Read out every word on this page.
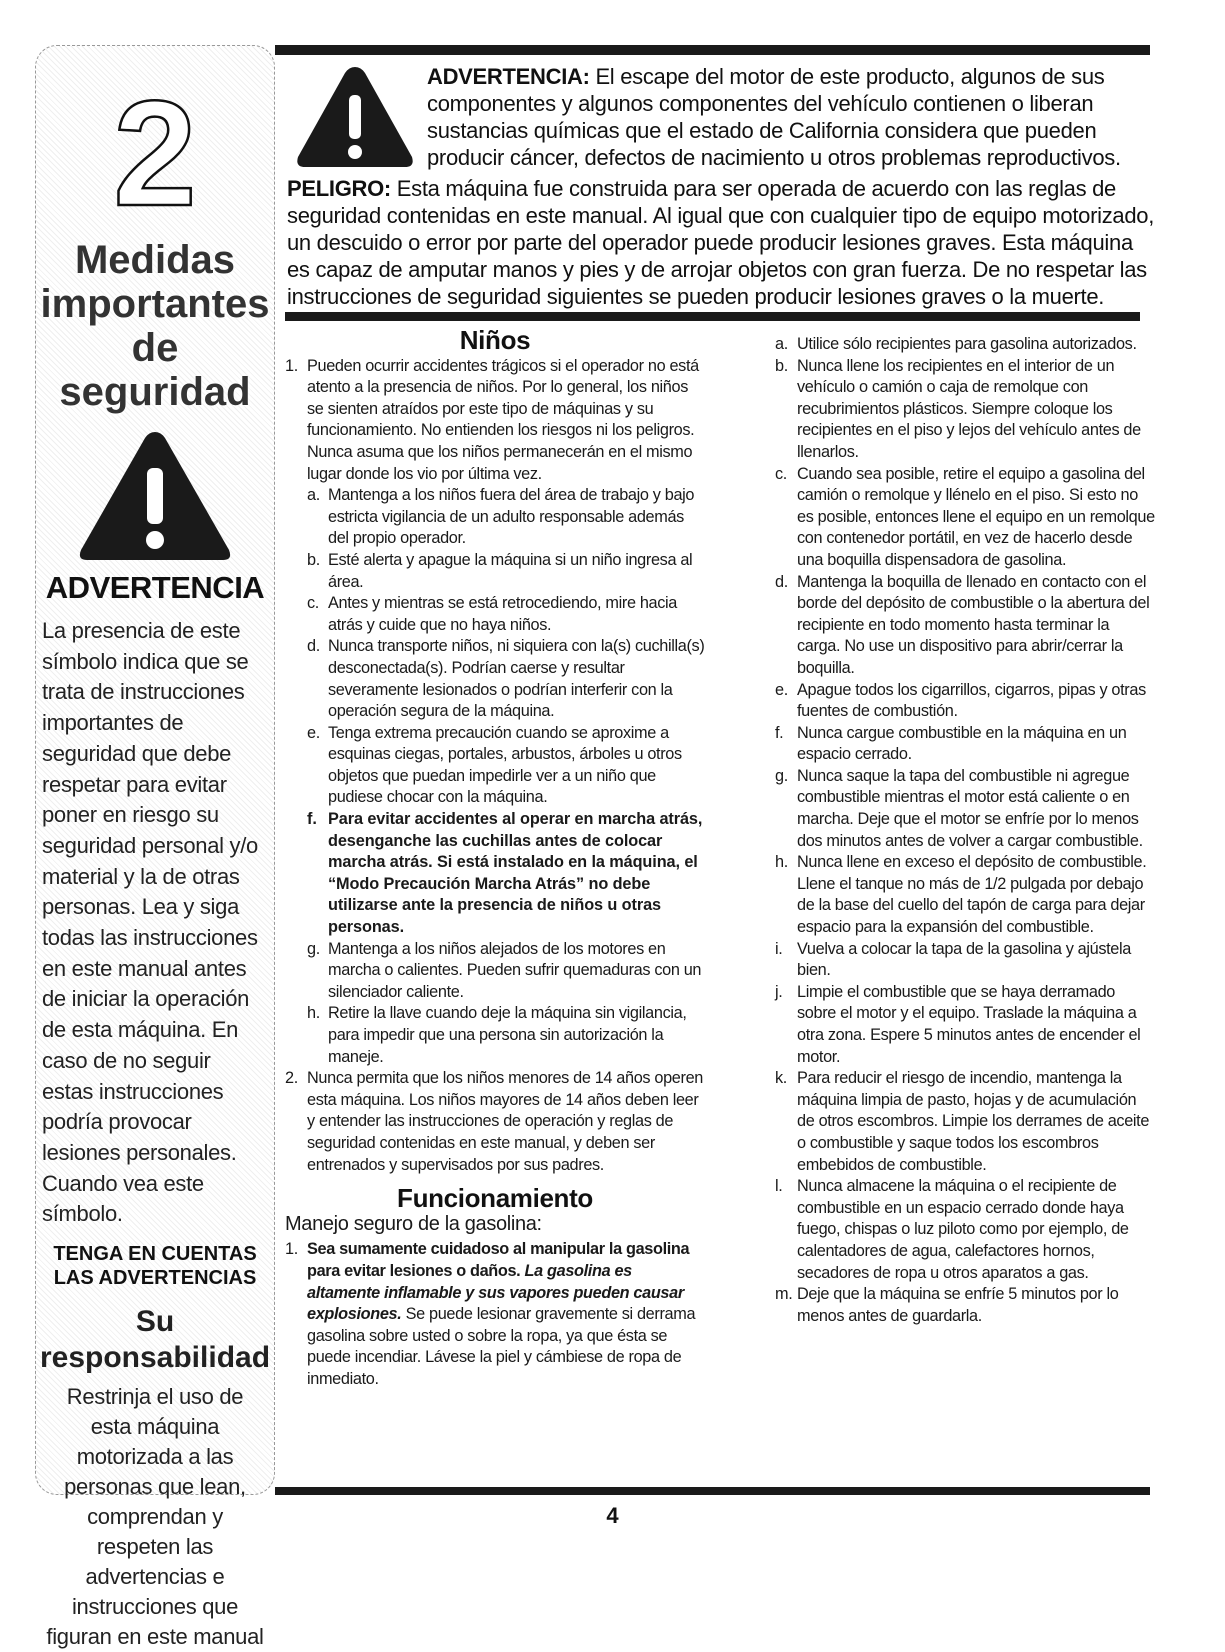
2
Medidas
importantes
de
seguridad
ADVERTENCIA
La presencia de este símbolo indica que se trata de instrucciones importantes de seguridad que debe respetar para evitar poner en riesgo su seguridad personal y/o material y la de otras personas. Lea y siga todas las instrucciones en este manual antes de iniciar la operación de esta máquina. En caso de no seguir estas instrucciones podría provocar lesiones personales. Cuando vea este símbolo.
TENGA EN CUENTAS
LAS ADVERTENCIAS
Su
responsabilidad
Restrinja el uso de esta máquina motorizada a las personas que lean, comprendan y respeten las advertencias e instrucciones que figuran en este manual
ADVERTENCIA: El escape del motor de este producto, algunos de sus componentes y algunos componentes del vehículo contienen o liberan sustancias químicas que el estado de California considera que pueden producir cáncer, defectos de nacimiento u otros problemas reproductivos.
PELIGRO: Esta máquina fue construida para ser operada de acuerdo con las reglas de seguridad contenidas en este manual. Al igual que con cualquier tipo de equipo motorizado, un descuido o error por parte del operador puede producir lesiones graves. Esta máquina es capaz de amputar manos y pies y de arrojar objetos con gran fuerza. De no respetar las instrucciones de seguridad siguientes se pueden producir lesiones graves o la muerte.
Niños
1. Pueden ocurrir accidentes trágicos si el operador no está atento a la presencia de niños. Por lo general, los niños se sienten atraídos por este tipo de máquinas y su funcionamiento. No entienden los riesgos ni los peligros. Nunca asuma que los niños permanecerán en el mismo lugar donde los vio por última vez.
a. Mantenga a los niños fuera del área de trabajo y bajo estricta vigilancia de un adulto responsable además del propio operador.
b. Esté alerta y apague la máquina si un niño ingresa al área.
c. Antes y mientras se está retrocediendo, mire hacia atrás y cuide que no haya niños.
d. Nunca transporte niños, ni siquiera con la(s) cuchilla(s) desconectada(s). Podrían caerse y resultar severamente lesionados o podrían interferir con la operación segura de la máquina.
e. Tenga extrema precaución cuando se aproxime a esquinas ciegas, portales, arbustos, árboles u otros objetos que puedan impedirle ver a un niño que pudiese chocar con la máquina.
f. Para evitar accidentes al operar en marcha atrás, desenganche las cuchillas antes de colocar marcha atrás. Si está instalado en la máquina, el “Modo Precaución Marcha Atrás” no debe utilizarse ante la presencia de niños u otras personas.
g. Mantenga a los niños alejados de los motores en marcha o calientes. Pueden sufrir quemaduras con un silenciador caliente.
h. Retire la llave cuando deje la máquina sin vigilancia, para impedir que una persona sin autorización la maneje.
2. Nunca permita que los niños menores de 14 años operen esta máquina. Los niños mayores de 14 años deben leer y entender las instrucciones de operación y reglas de seguridad contenidas en este manual, y deben ser entrenados y supervisados por sus padres.
Funcionamiento
Manejo seguro de la gasolina:
1. Sea sumamente cuidadoso al manipular la gasolina para evitar lesiones o daños. La gasolina es altamente inflamable y sus vapores pueden causar explosiones. Se puede lesionar gravemente si derrama gasolina sobre usted o sobre la ropa, ya que ésta se puede incendiar. Lávese la piel y cámbiese de ropa de inmediato.
a. Utilice sólo recipientes para gasolina autorizados.
b. Nunca llene los recipientes en el interior de un vehículo o camión o caja de remolque con recubrimientos plásticos. Siempre coloque los recipientes en el piso y lejos del vehículo antes de llenarlos.
c. Cuando sea posible, retire el equipo a gasolina del camión o remolque y llénelo en el piso. Si esto no es posible, entonces llene el equipo en un remolque con contenedor portátil, en vez de hacerlo desde una boquilla dispensadora de gasolina.
d. Mantenga la boquilla de llenado en contacto con el borde del depósito de combustible o la abertura del recipiente en todo momento hasta terminar la carga. No use un dispositivo para abrir/cerrar la boquilla.
e. Apague todos los cigarrillos, cigarros, pipas y otras fuentes de combustión.
f. Nunca cargue combustible en la máquina en un espacio cerrado.
g. Nunca saque la tapa del combustible ni agregue combustible mientras el motor está caliente o en marcha. Deje que el motor se enfríe por lo menos dos minutos antes de volver a cargar combustible.
h. Nunca llene en exceso el depósito de combustible. Llene el tanque no más de 1/2 pulgada por debajo de la base del cuello del tapón de carga para dejar espacio para la expansión del combustible.
i. Vuelva a colocar la tapa de la gasolina y ajústela bien.
j. Limpie el combustible que se haya derramado sobre el motor y el equipo. Traslade la máquina a otra zona. Espere 5 minutos antes de encender el motor.
k. Para reducir el riesgo de incendio, mantenga la máquina limpia de pasto, hojas y de acumulación de otros escombros. Limpie los derrames de aceite o combustible y saque todos los escombros embebidos de combustible.
l. Nunca almacene la máquina o el recipiente de combustible en un espacio cerrado donde haya fuego, chispas o luz piloto como por ejemplo, de calentadores de agua, calefactores hornos, secadores de ropa u otros aparatos a gas.
m. Deje que la máquina se enfríe 5 minutos por lo menos antes de guardarla.
4
